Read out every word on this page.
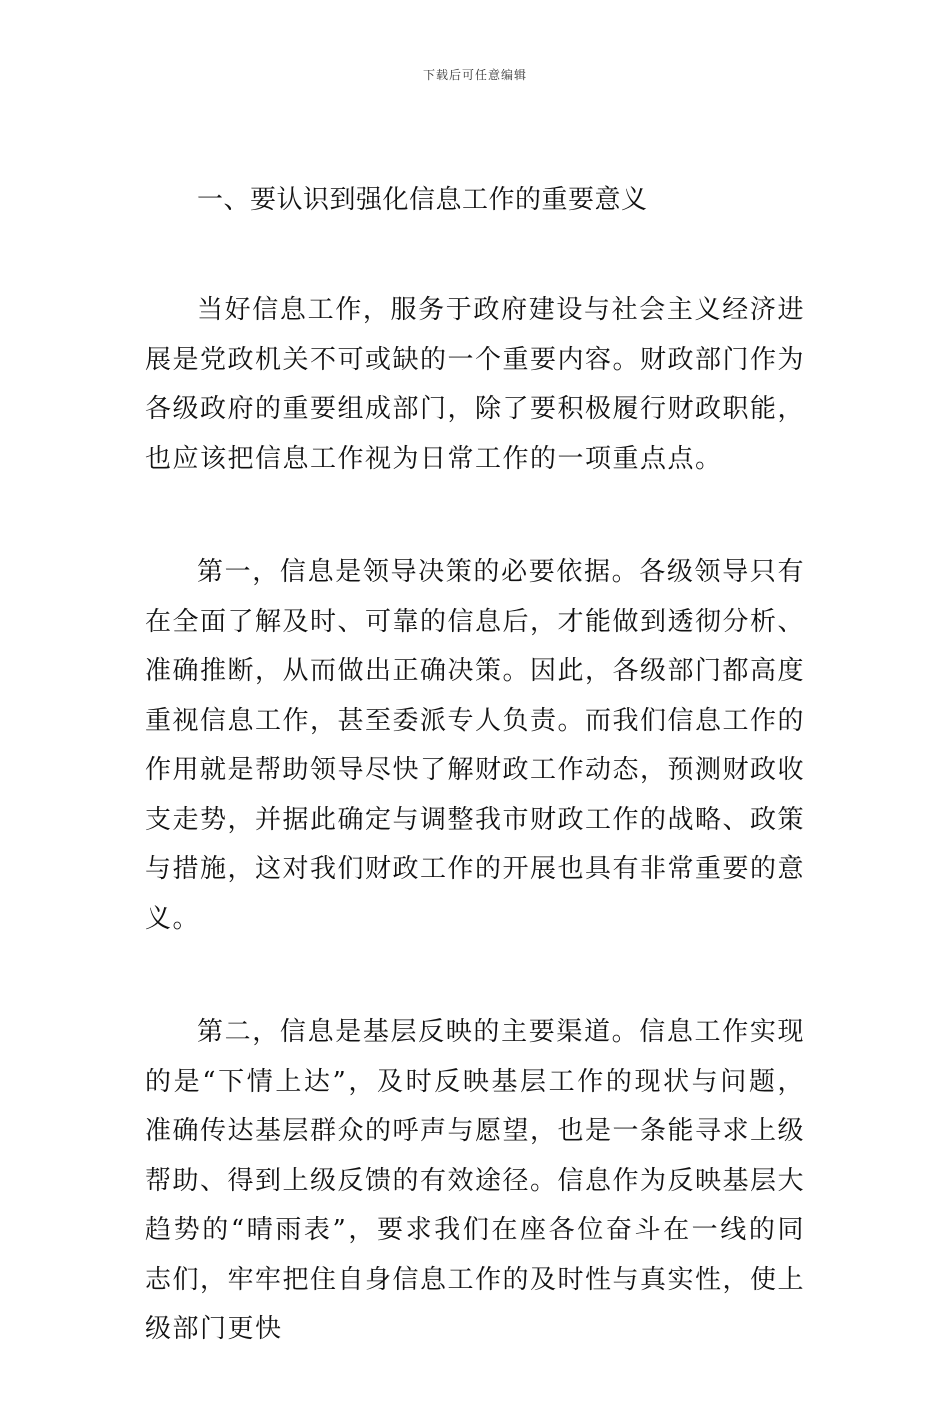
下载后可任意编辑

一、要认识到强化信息工作的重要意义

当好信息工作，服务于政府建设与社会主义经济进展是党政机关不可或缺的一个重要内容。财政部门作为各级政府的重要组成部门，除了要积极履行财政职能，也应该把信息工作视为日常工作的一项重点点。

第一，信息是领导决策的必要依据。各级领导只有在全面了解及时、可靠的信息后，才能做到透彻分析、准确推断，从而做出正确决策。因此，各级部门都高度重视信息工作，甚至委派专人负责。而我们信息工作的作用就是帮助领导尽快了解财政工作动态，预测财政收支走势，并据此确定与调整我市财政工作的战略、政策与措施，这对我们财政工作的开展也具有非常重要的意义。

第二，信息是基层反映的主要渠道。信息工作实现的是“下情上达”，及时反映基层工作的现状与问题，准确传达基层群众的呼声与愿望，也是一条能寻求上级帮助、得到上级反馈的有效途径。信息作为反映基层大趋势的“晴雨表”，要求我们在座各位奋斗在一线的同志们，牢牢把住自身信息工作的及时性与真实性，使上级部门更快
